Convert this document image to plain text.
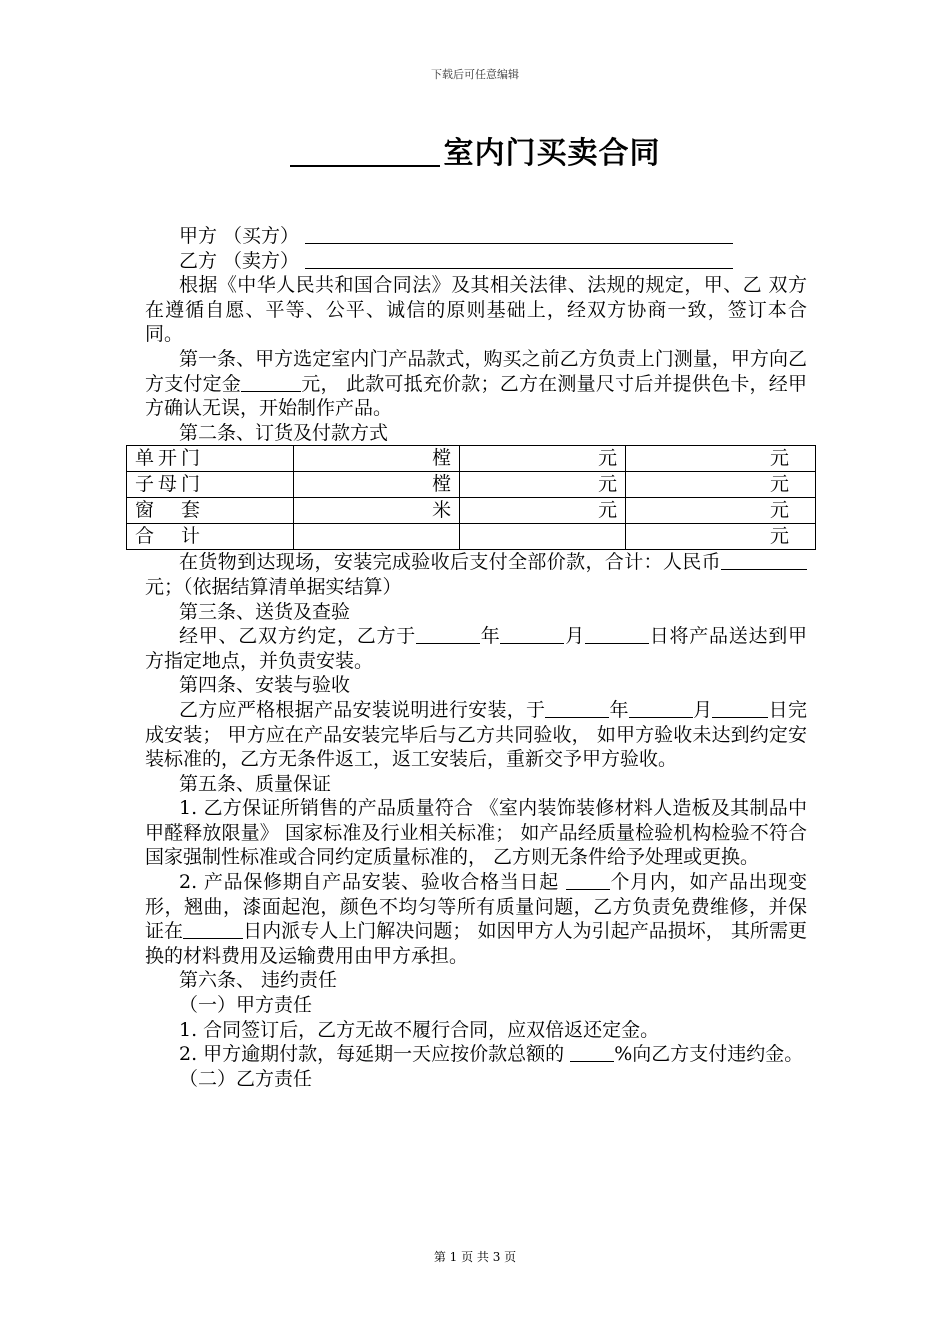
下载后可任意编辑
室内门买卖合同

甲方 （买方）

乙方 （卖方）

根据《中华人民共和国合同法》及其相关法律、法规的规定，甲、乙 双方在遵循自愿、平等、公平、诚信的原则基础上，经双方协商一致，签订本合同。

第一条、甲方选定室内门产品款式，购买之前乙方负责上门测量，甲方向乙方支付定金	元， 此款可抵充价款；乙方在测量尺寸后并提供色卡，经甲方确认无误，开始制作产品。

第二条、订货及付款方式

单开门	樘	元	元
子母门	樘	元	元
窗　套	米	元	元
合　计			元

在货物到达现场，安装完成验收后支付全部价款，合计：人民币 元；（依据结算清单据实结算）

第三条、送货及查验

经甲、乙双方约定，乙方于	年	月	日将产品送达到甲方指定地点，并负责安装。

第四条、安装与验收

乙方应严格根据产品安装说明进行安装，于	年	月	日完成安装； 甲方应在产品安装完毕后与乙方共同验收， 如甲方验收未达到约定安装标准的，乙方无条件返工，返工安装后，重新交予甲方验收。

第五条、质量保证

1. 乙方保证所销售的产品质量符合 《室内装饰装修材料人造板及其制品中甲醛释放限量》 国家标准及行业相关标准； 如产品经质量检验机构检验不符合国家强制性标准或合同约定质量标准的， 乙方则无条件给予处理或更换。

2. 产品保修期自产品安装、验收合格当日起	个月内，如产品出现变形，翘曲，漆面起泡，颜色不均匀等所有质量问题，乙方负责免费维修，并保证在	日内派专人上门解决问题； 如因甲方人为引起产品损坏， 其所需更换的材料费用及运输费用由甲方承担。

第六条、 违约责任

（一）甲方责任

1. 合同签订后，乙方无故不履行合同，应双倍返还定金。

2. 甲方逾期付款，每延期一天应按价款总额的	%向乙方支付违约金。

（二）乙方责任

第 1 页 共 3 页
